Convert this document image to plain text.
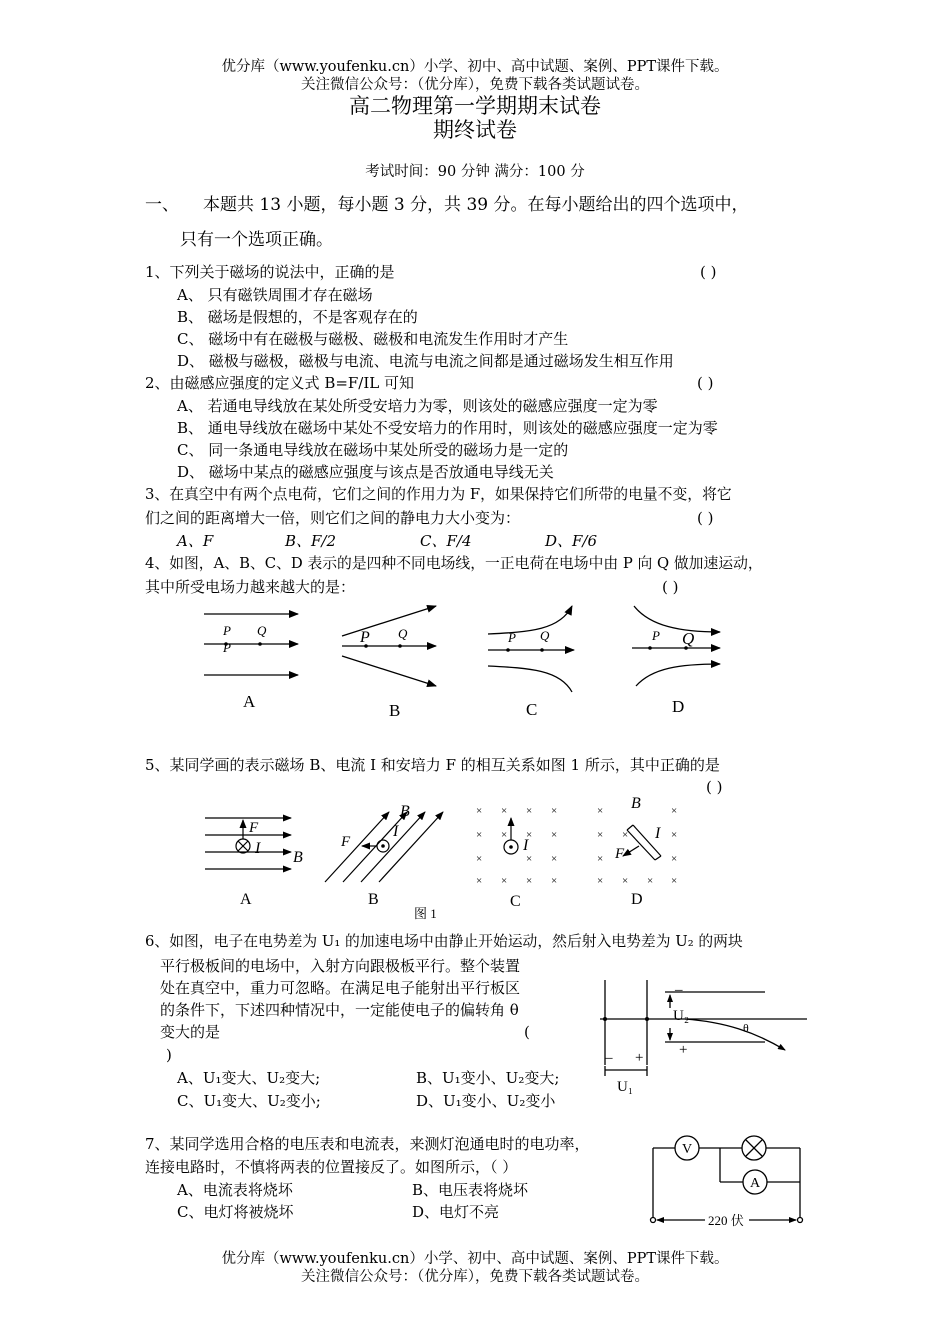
优分库（www.youfenku.cn）小学、初中、高中试题、案例、PPT课件下载。
关注微信公众号：（优分库），免费下载各类试题试卷。
高二物理第一学期期末试卷
期终试卷
考试时间：90 分钟 满分：100 分
一、 本题共 13 小题，每小题 3 分，共 39 分。在每小题给出的四个选项中，
只有一个选项正确。
1、下列关于磁场的说法中，正确的是	( )
A、 只有磁铁周围才存在磁场
B、 磁场是假想的，不是客观存在的
C、 磁场中有在磁极与磁极、磁极和电流发生作用时才产生
D、 磁极与磁极，磁极与电流、电流与电流之间都是通过磁场发生相互作用
2、由磁感应强度的定义式 B=F/IL 可知	( )
A、 若通电导线放在某处所受安培力为零，则该处的磁感应强度一定为零
B、 通电导线放在磁场中某处不受安培力的作用时，则该处的磁感应强度一定为零
C、 同一条通电导线放在磁场中某处所受的磁场力是一定的
D、 磁场中某点的磁感应强度与该点是否放通电导线无关
3、在真空中有两个点电荷，它们之间的作用力为 F，如果保持它们所带的电量不变，将它
们之间的距离增大一倍，则它们之间的静电力大小变为：	( )
A、F	B、F/2	C、F/4	D、F/6
4、如图，A、B、C、D 表示的是四种不同电场线，一正电荷在电场中由 P 向 Q 做加速运动，
其中所受电场力越来越大的是：	( )
P Q
P
P Q	P Q	P Q
A	B	C	D
5、某同学画的表示磁场 B、电流 I 和安培力 F 的相互关系如图 1 所示，其中正确的是
( )
F
I
B
F
I
B	× × × ×
× × × ×
×	× ×
× × × ×
I
×	×
× ×	×
×	×
× × × ×
B
I
F
A	B	C	D
图 1
6、如图，电子在电势差为 U₁ 的加速电场中由静止开始运动，然后射入电势差为 U₂ 的两块
平行极板间的电场中，入射方向跟极板平行。整个装置
处在真空中，重力可忽略。在满足电子能射出平行板区
的条件下，下述四种情况中，一定能使电子的偏转角 θ
变大的是	(
)
A、U₁变大、U₂变大;	B、U₁变小、U₂变大;
C、U₁变大、U₂变小;	D、U₁变小、U₂变小
–
+
U₂
θ
– +
U₁
7、某同学选用合格的电压表和电流表，来测灯泡通电时的电功率，
连接电路时，不慎将两表的位置接反了。如图所示，（ ）
A、电流表将烧坏	B、电压表将烧坏
C、电灯将被烧坏	D、电灯不亮
V
A
220 伏
优分库（www.youfenku.cn）小学、初中、高中试题、案例、PPT课件下载。
关注微信公众号：（优分库），免费下载各类试题试卷。
